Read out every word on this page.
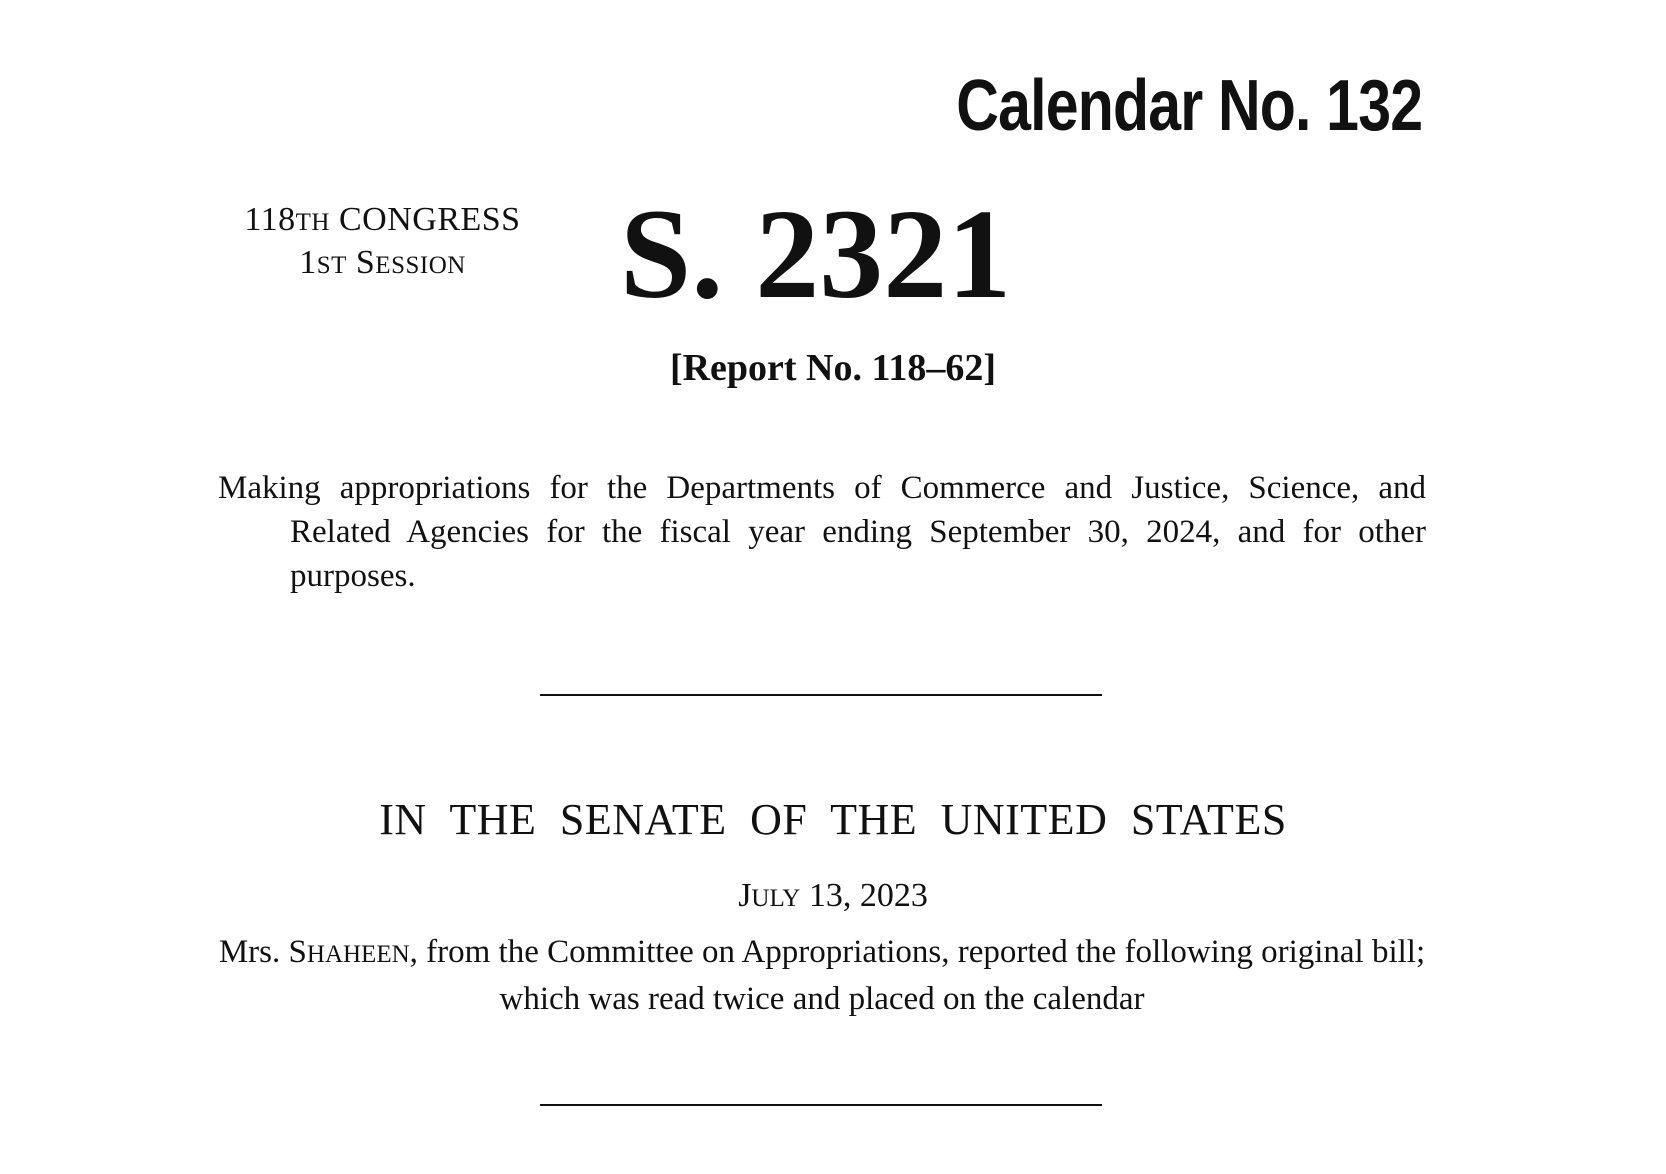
Calendar No. 132
118TH CONGRESS
1ST SESSION	S. 2321
[Report No. 118–62]
Making appropriations for the Departments of Commerce and Justice, Science, and Related Agencies for the fiscal year ending September 30, 2024, and for other purposes.
IN THE SENATE OF THE UNITED STATES
JULY 13, 2023
Mrs. SHAHEEN, from the Committee on Appropriations, reported the following original bill; which was read twice and placed on the calendar
